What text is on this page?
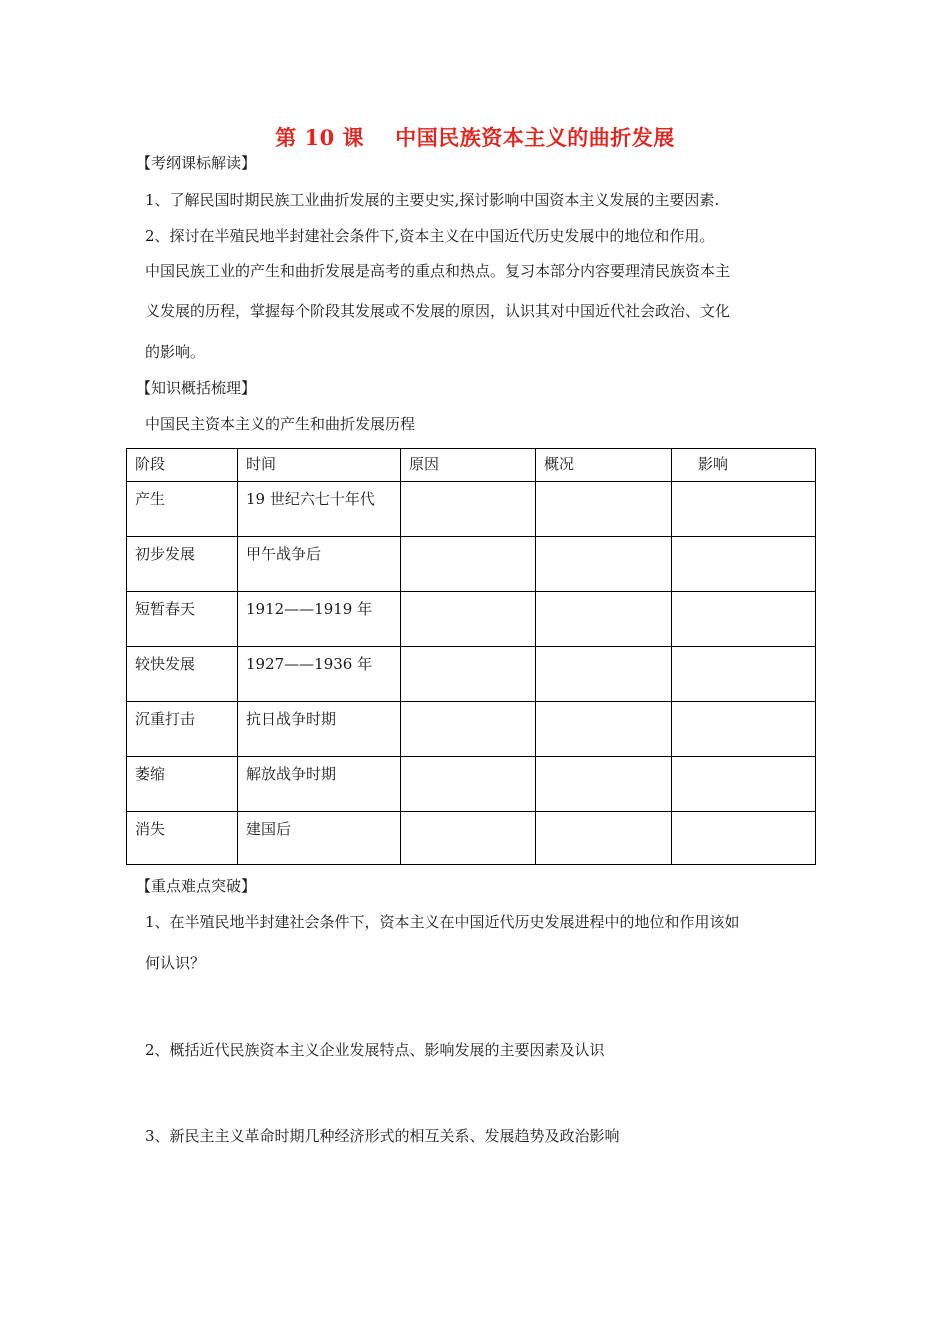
第 10 课    中国民族资本主义的曲折发展
【考纲课标解读】
1、了解民国时期民族工业曲折发展的主要史实,探讨影响中国资本主义发展的主要因素.
2、探讨在半殖民地半封建社会条件下,资本主义在中国近代历史发展中的地位和作用。
中国民族工业的产生和曲折发展是高考的重点和热点。复习本部分内容要理清民族资本主
义发展的历程，掌握每个阶段其发展或不发展的原因，认识其对中国近代社会政治、文化
的影响。
【知识概括梳理】
中国民主资本主义的产生和曲折发展历程
阶段	时间	原因	概况	影响
产生	19 世纪六七十年代			
初步发展	甲午战争后			
短暂春天	1912——1919 年			
较快发展	1927——1936 年			
沉重打击	抗日战争时期			
萎缩	解放战争时期			
消失	建国后			
【重点难点突破】
1、在半殖民地半封建社会条件下，资本主义在中国近代历史发展进程中的地位和作用该如
何认识？
2、概括近代民族资本主义企业发展特点、影响发展的主要因素及认识
3、新民主主义革命时期几种经济形式的相互关系、发展趋势及政治影响
